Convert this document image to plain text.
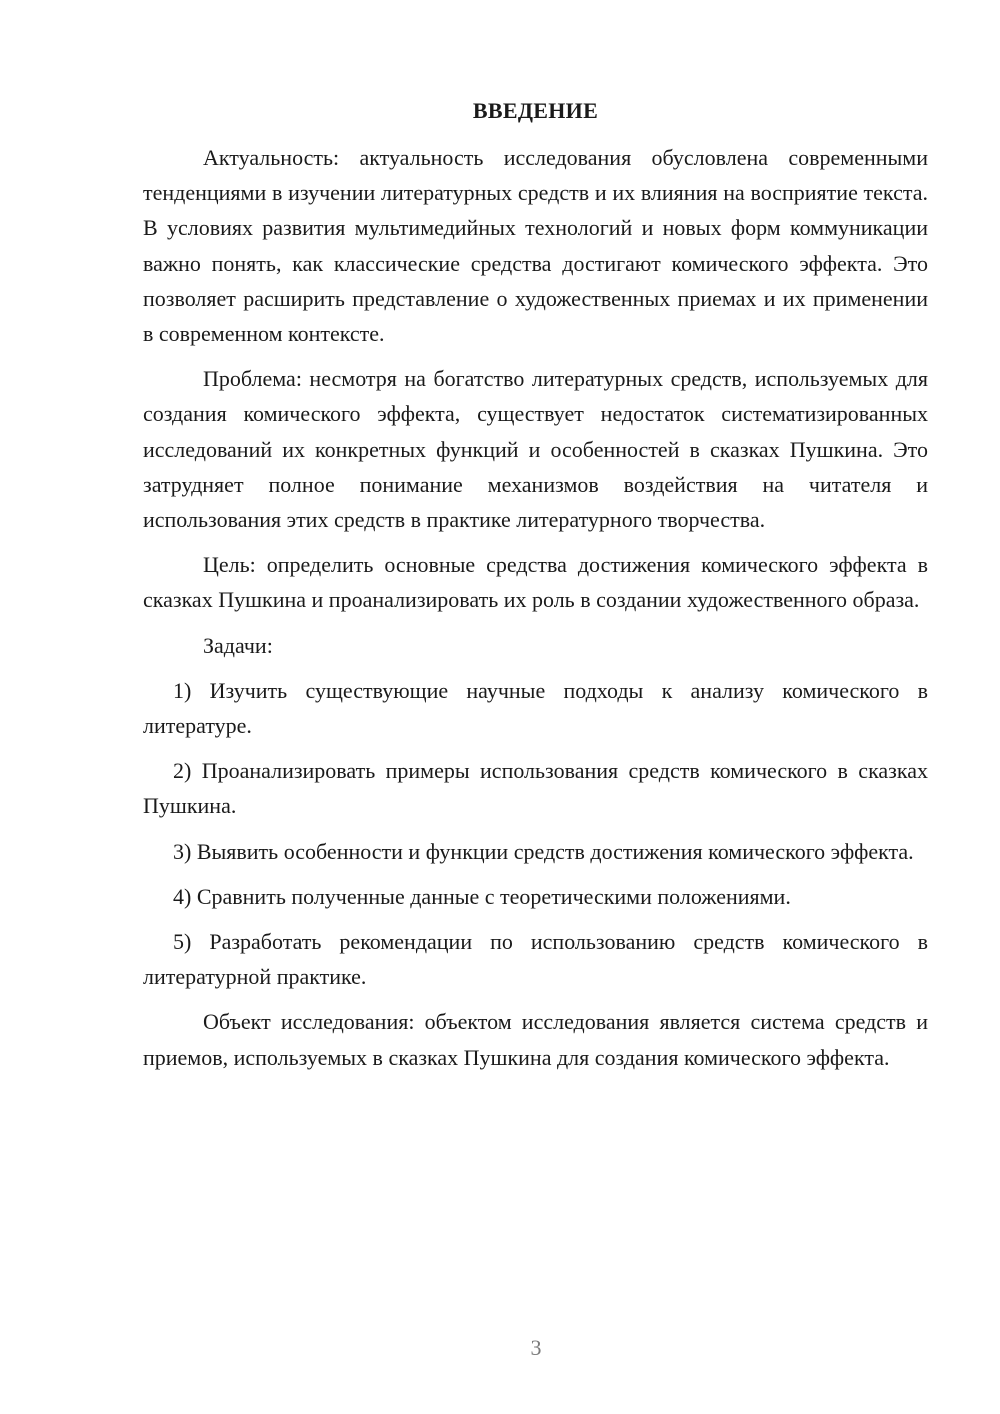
ВВЕДЕНИЕ

Актуальность: актуальность исследования обусловлена современными тенденциями в изучении литературных средств и их влияния на восприятие текста. В условиях развития мультимедийных технологий и новых форм коммуникации важно понять, как классические средства достигают комического эффекта. Это позволяет расширить представление о художественных приемах и их применении в современном контексте.

Проблема: несмотря на богатство литературных средств, используемых для создания комического эффекта, существует недостаток систематизированных исследований их конкретных функций и особенностей в сказках Пушкина. Это затрудняет полное понимание механизмов воздействия на читателя и использования этих средств в практике литературного творчества.

Цель: определить основные средства достижения комического эффекта в сказках Пушкина и проанализировать их роль в создании художественного образа.

Задачи:

1) Изучить существующие научные подходы к анализу комического в литературе.

2) Проанализировать примеры использования средств комического в сказках Пушкина.

3) Выявить особенности и функции средств достижения комического эффекта.

4) Сравнить полученные данные с теоретическими положениями.

5) Разработать рекомендации по использованию средств комического в литературной практике.

Объект исследования: объектом исследования является система средств и приемов, используемых в сказках Пушкина для создания комического эффекта.

3
